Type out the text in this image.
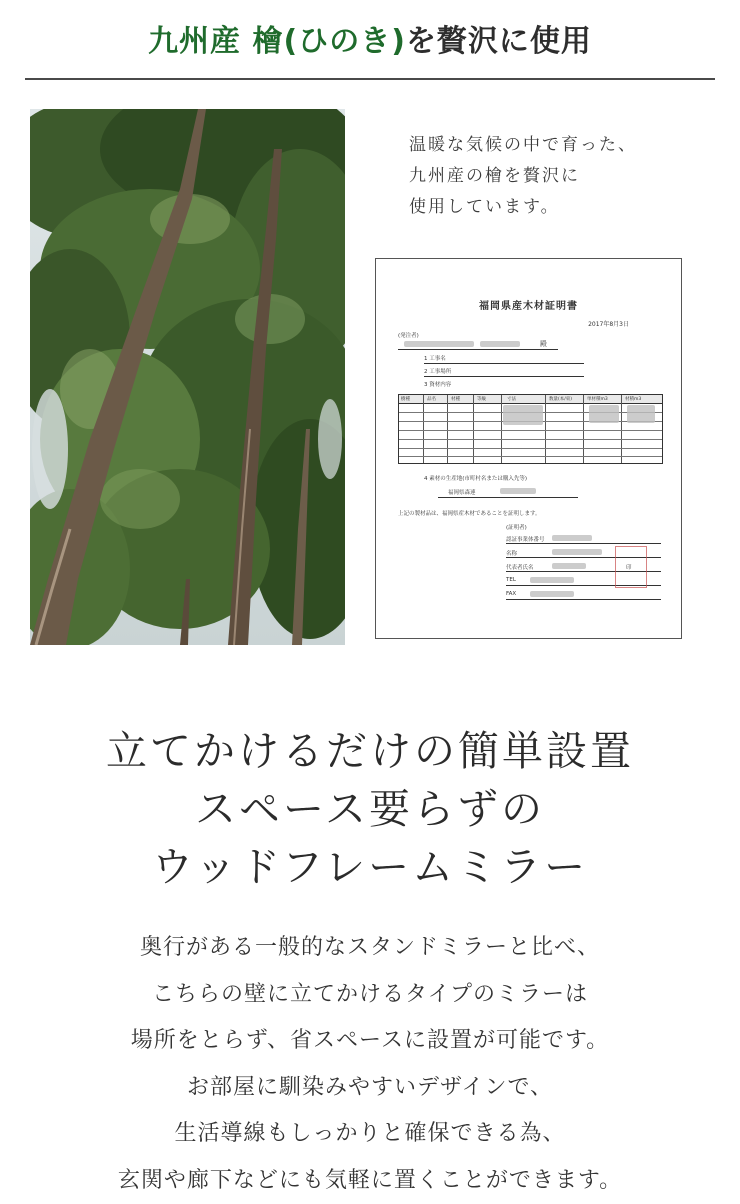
九州産 檜(ひのき)を贅沢に使用
温暖な気候の中で育った、
九州産の檜を贅沢に
使用しています。
福岡県産木材証明書
2017年8月3日
(発注者)
殿
1 工事名
2 工事場所
3 資材内容
樹種	品名	材種	等級	寸法	数量(本/束)	単材積m3	材積m3
4 素材の生産地(市町村名または購入先等)
福岡県森連
上記の製材品は、福岡県産木材であることを証明します。
(証明者)
認証事業体番号
名称
代表者氏名	印
TEL
FAX
立てかけるだけの簡単設置
スペース要らずの
ウッドフレームミラー
奥行がある一般的なスタンドミラーと比べ、
こちらの壁に立てかけるタイプのミラーは
場所をとらず、省スペースに設置が可能です。
お部屋に馴染みやすいデザインで、
生活導線もしっかりと確保できる為、
玄関や廊下などにも気軽に置くことができます。
